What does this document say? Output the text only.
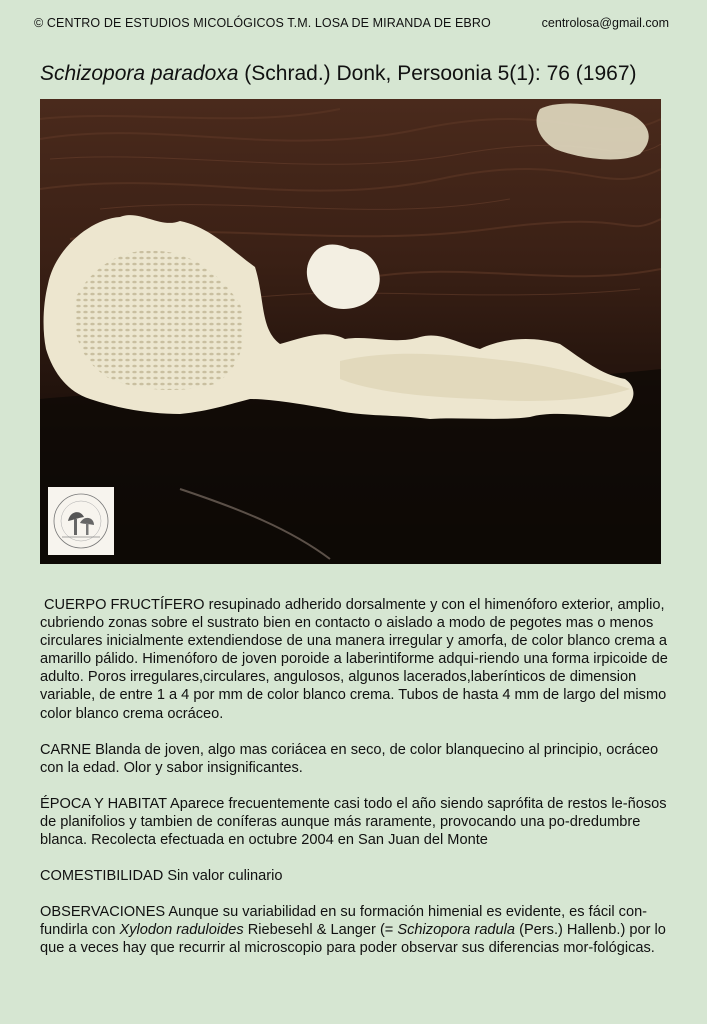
© CENTRO DE ESTUDIOS MICOLÓGICOS T.M. LOSA DE MIRANDA DE EBRO	centrolosa@gmail.com
Schizopora paradoxa (Schrad.) Donk, Persoonia 5(1): 76 (1967)

CUERPO FRUCTÍFERO resupinado adherido dorsalmente y con el himenóforo exterior, amplio, cubriendo zonas sobre el sustrato bien en contacto o aislado a modo de pegotes mas o menos circulares inicialmente extendiendose de una manera irregular y amorfa, de color blanco crema a amarillo pálido. Himenóforo de joven poroide a laberintiforme adqui-riendo una forma irpicoide de adulto. Poros irregulares,circulares, angulosos, algunos lacerados,laberínticos de dimension variable, de entre 1 a 4 por mm de color blanco crema. Tubos de hasta 4 mm de largo del mismo color blanco crema ocráceo.

CARNE Blanda de joven, algo mas coriácea en seco, de color blanquecino al principio, ocráceo con la edad. Olor y sabor insignificantes.

ÉPOCA Y HABITAT Aparece frecuentemente casi todo el año siendo saprófita de restos le-ñosos de planifolios y tambien de coníferas aunque más raramente, provocando una po-dredumbre blanca. Recolecta efectuada en octubre 2004 en San Juan del Monte

COMESTIBILIDAD Sin valor culinario

OBSERVACIONES Aunque su variabilidad en su formación himenial es evidente, es fácil con-fundirla con Xylodon raduloides Riebesehl & Langer (= Schizopora radula (Pers.) Hallenb.) por lo que a veces hay que recurrir al microscopio para poder observar sus diferencias mor-fológicas.
